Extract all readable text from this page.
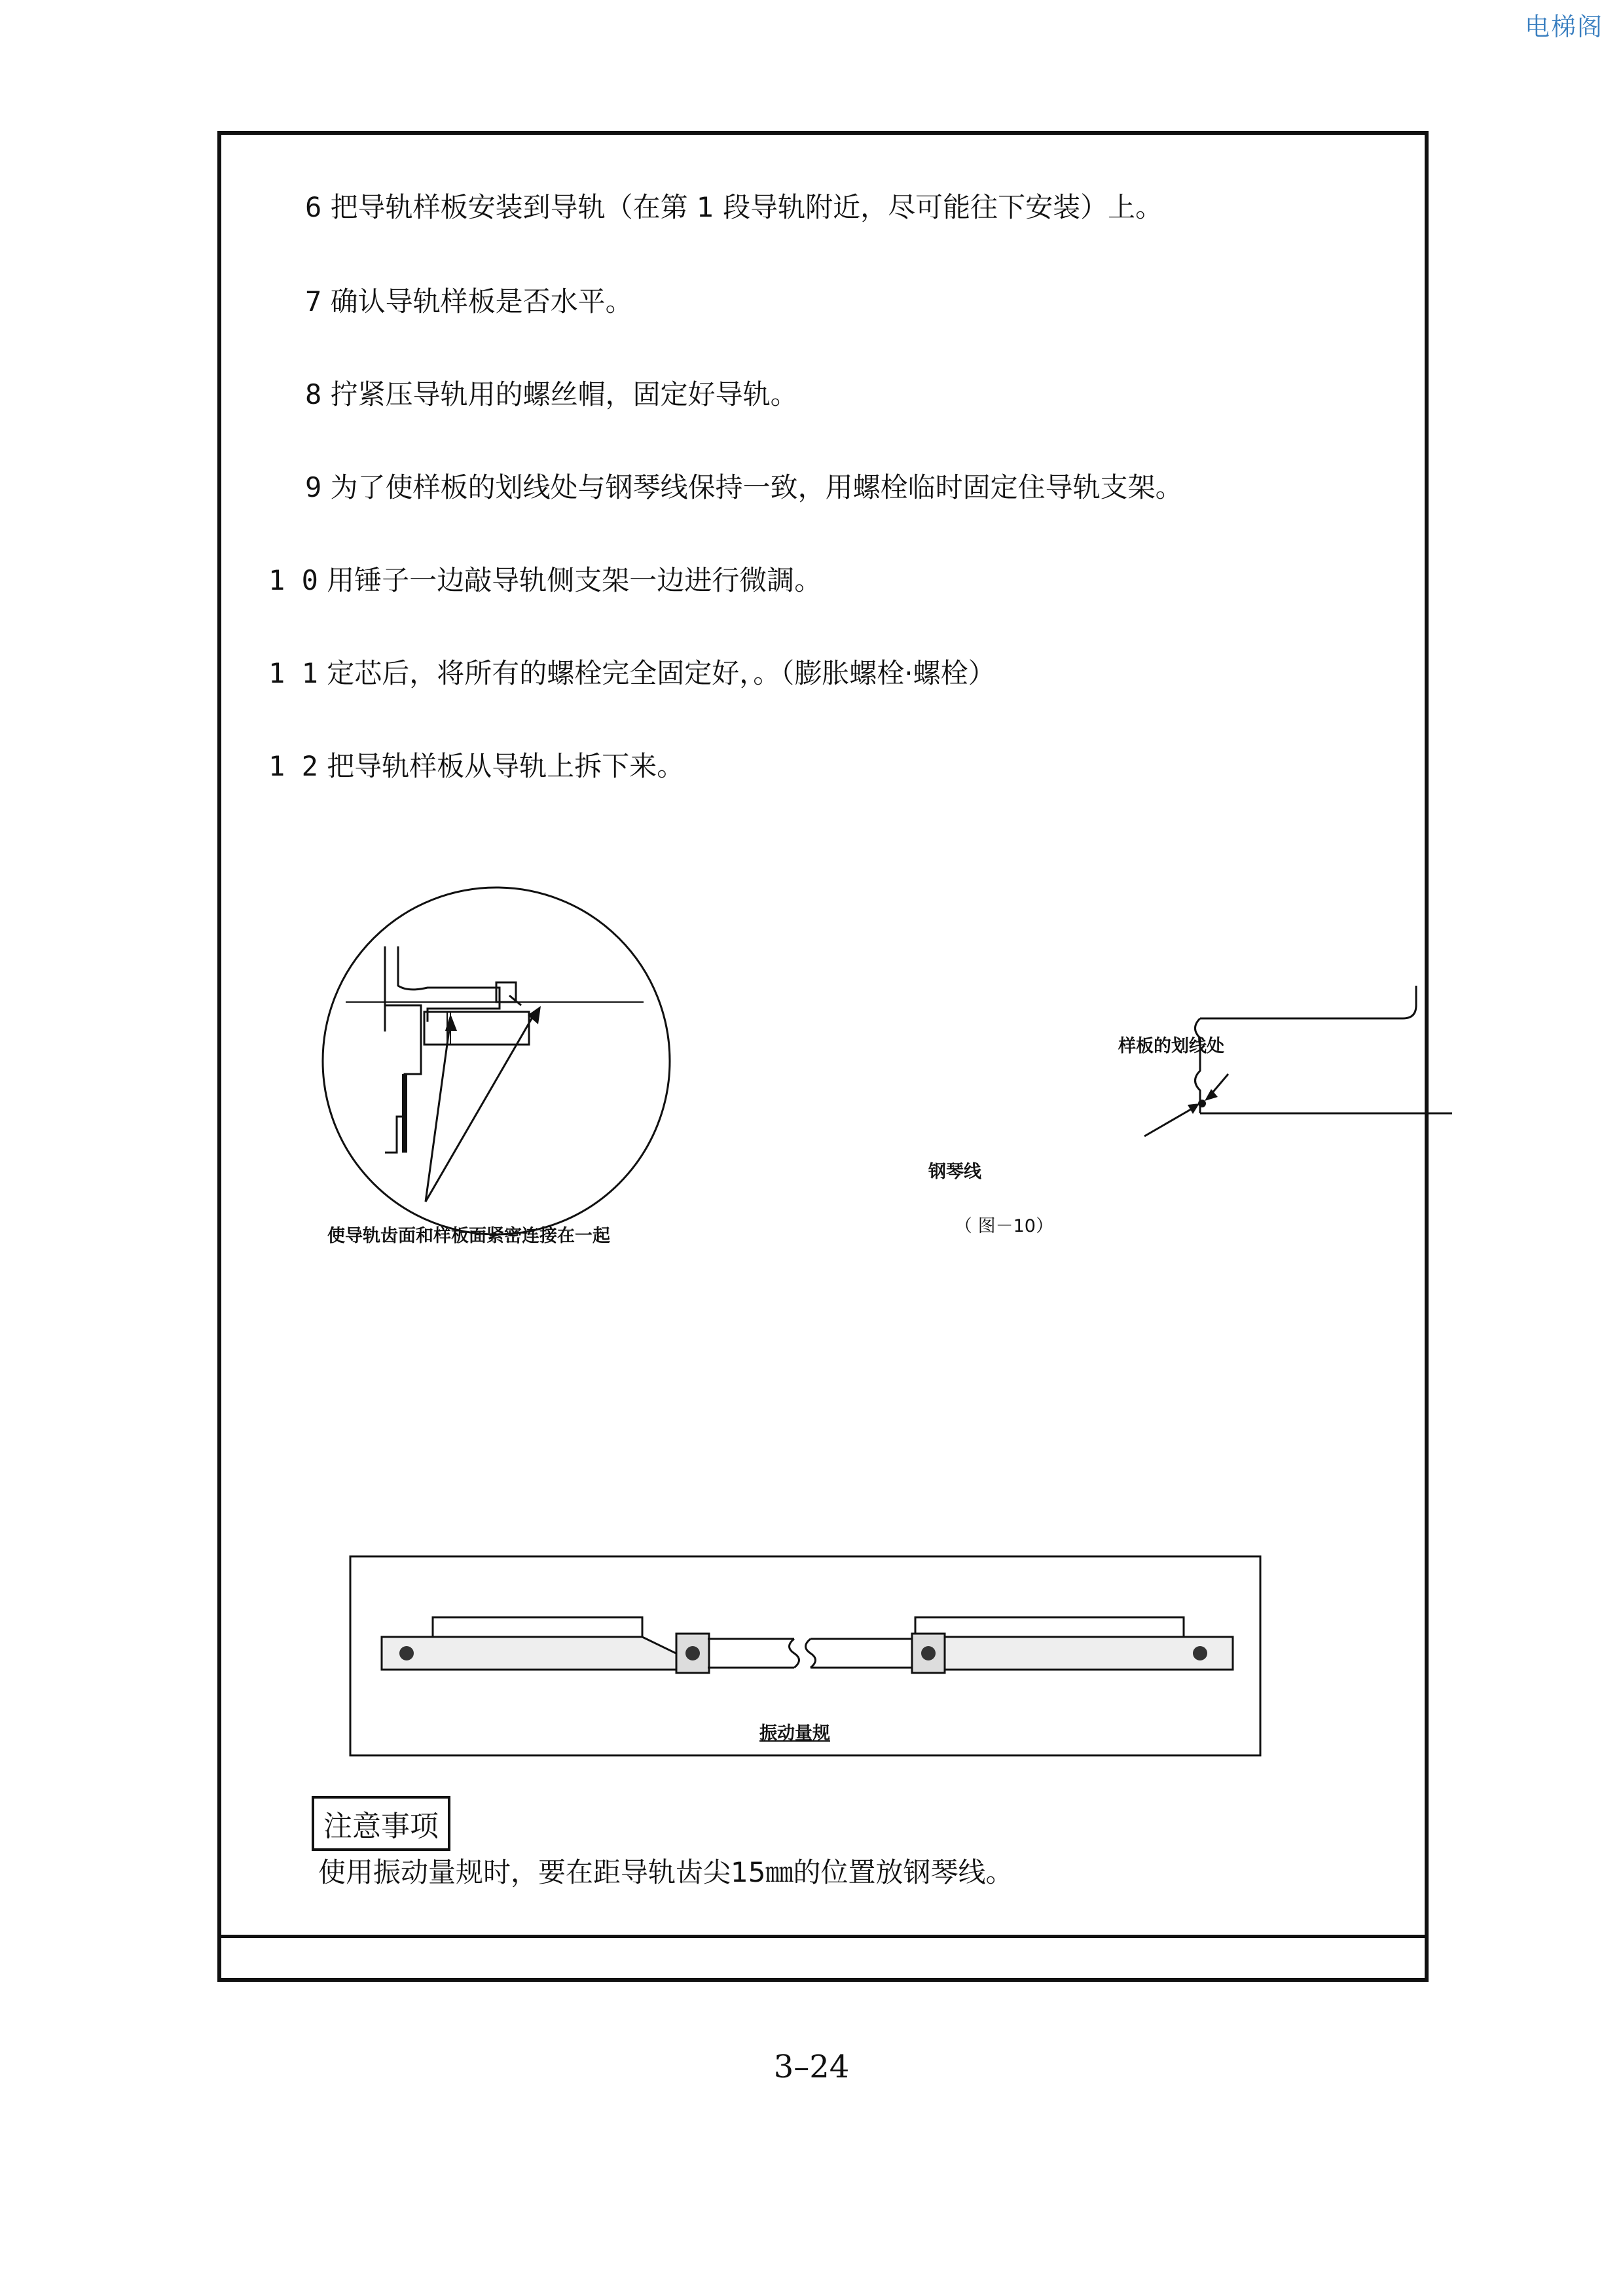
电梯阁
6 把导轨样板安装到导轨（在第 1 段导轨附近，尽可能往下安装）上。
7 确认导轨样板是否水平。
8 拧紧压导轨用的螺丝帽，固定好导轨。
9 为了使样板的划线处与钢琴线保持一致，用螺栓临时固定住导轨支架。
1 0 用锤子一边敲导轨侧支架一边进行微調。
1 1 定芯后，将所有的螺栓完全固定好，。（膨胀螺栓·螺栓）
1 2 把导轨样板从导轨上拆下来。
使导轨齿面和样板面紧密连接在一起
样板的划线处
钢琴线
（ 图－10）
振动量规
注意事项
使用振动量规时，要在距导轨齿尖15㎜的位置放钢琴线。
3–24
